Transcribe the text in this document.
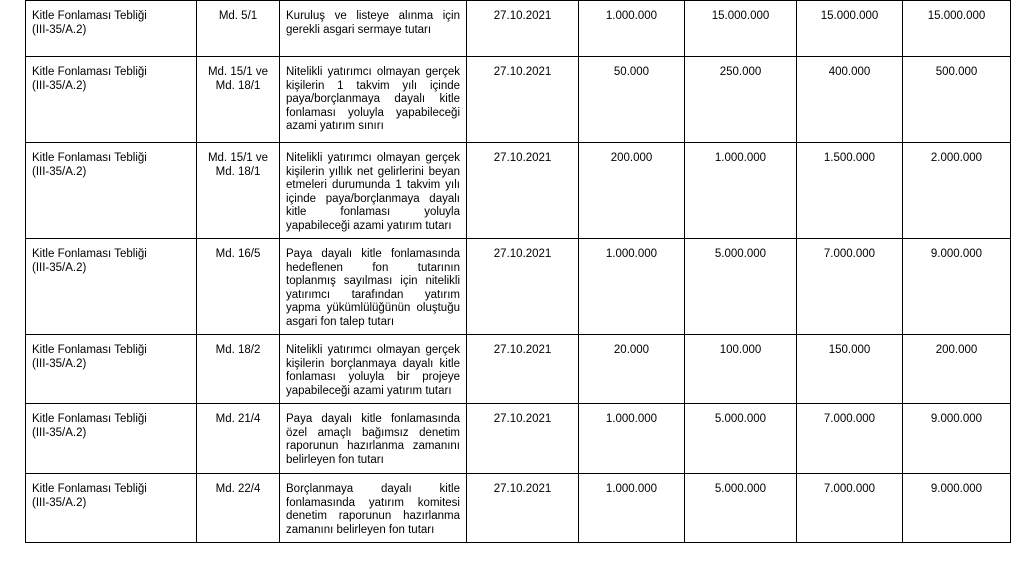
Kitle Fonlaması Tebliği
(III-35/A.2)	Md. 5/1	Kuruluş ve listeye alınma için gerekli asgari sermaye tutarı	27.10.2021	1.000.000	15.000.000	15.000.000	15.000.000

Kitle Fonlaması Tebliği
(III-35/A.2)	Md. 15/1 ve
Md. 18/1	Nitelikli yatırımcı olmayan gerçek kişilerin 1 takvim yılı içinde paya/borçlanmaya dayalı kitle fonlaması yoluyla yapabileceği azami yatırım sınırı	27.10.2021	50.000	250.000	400.000	500.000

Kitle Fonlaması Tebliği
(III-35/A.2)	Md. 15/1 ve
Md. 18/1	Nitelikli yatırımcı olmayan gerçek kişilerin yıllık net gelirlerini beyan etmeleri durumunda 1 takvim yılı içinde paya/borçlanmaya dayalı kitle fonlaması yoluyla yapabileceği azami yatırım tutarı	27.10.2021	200.000	1.000.000	1.500.000	2.000.000

Kitle Fonlaması Tebliği
(III-35/A.2)	Md. 16/5	Paya dayalı kitle fonlamasında hedeflenen fon tutarının toplanmış sayılması için nitelikli yatırımcı tarafından yatırım yapma yükümlülüğünün oluştuğu asgari fon talep tutarı	27.10.2021	1.000.000	5.000.000	7.000.000	9.000.000

Kitle Fonlaması Tebliği
(III-35/A.2)	Md. 18/2	Nitelikli yatırımcı olmayan gerçek kişilerin borçlanmaya dayalı kitle fonlaması yoluyla bir projeye yapabileceği azami yatırım tutarı	27.10.2021	20.000	100.000	150.000	200.000

Kitle Fonlaması Tebliği
(III-35/A.2)	Md. 21/4	Paya dayalı kitle fonlamasında özel amaçlı bağımsız denetim raporunun hazırlanma zamanını belirleyen fon tutarı	27.10.2021	1.000.000	5.000.000	7.000.000	9.000.000

Kitle Fonlaması Tebliği
(III-35/A.2)	Md. 22/4	Borçlanmaya dayalı kitle fonlamasında yatırım komitesi denetim raporunun hazırlanma zamanını belirleyen fon tutarı	27.10.2021	1.000.000	5.000.000	7.000.000	9.000.000
